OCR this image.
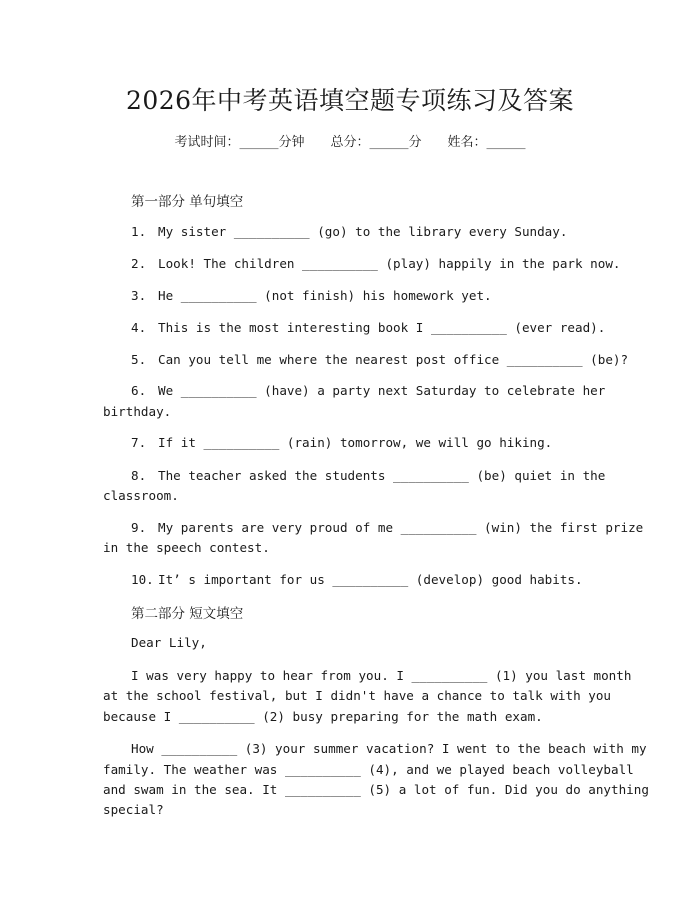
2026年中考英语填空题专项练习及答案
考试时间：______分钟 总分：______分 姓名：______
第一部分 单句填空
1. My sister __________ (go) to the library every Sunday.
2. Look! The children __________ (play) happily in the park now.
3. He __________ (not finish) his homework yet.
4. This is the most interesting book I __________ (ever read).
5. Can you tell me where the nearest post office __________ (be)?
6. We __________ (have) a party next Saturday to celebrate her
birthday.
7. If it __________ (rain) tomorrow, we will go hiking.
8. The teacher asked the students __________ (be) quiet in the
classroom.
9. My parents are very proud of me __________ (win) the first prize
in the speech contest.
10. It’ s important for us __________ (develop) good habits.
第二部分 短文填空
Dear Lily,
I was very happy to hear from you. I __________ (1) you last month
at the school festival, but I didn't have a chance to talk with you
because I __________ (2) busy preparing for the math exam.
How __________ (3) your summer vacation? I went to the beach with my
family. The weather was __________ (4), and we played beach volleyball
and swam in the sea. It __________ (5) a lot of fun. Did you do anything
special?
